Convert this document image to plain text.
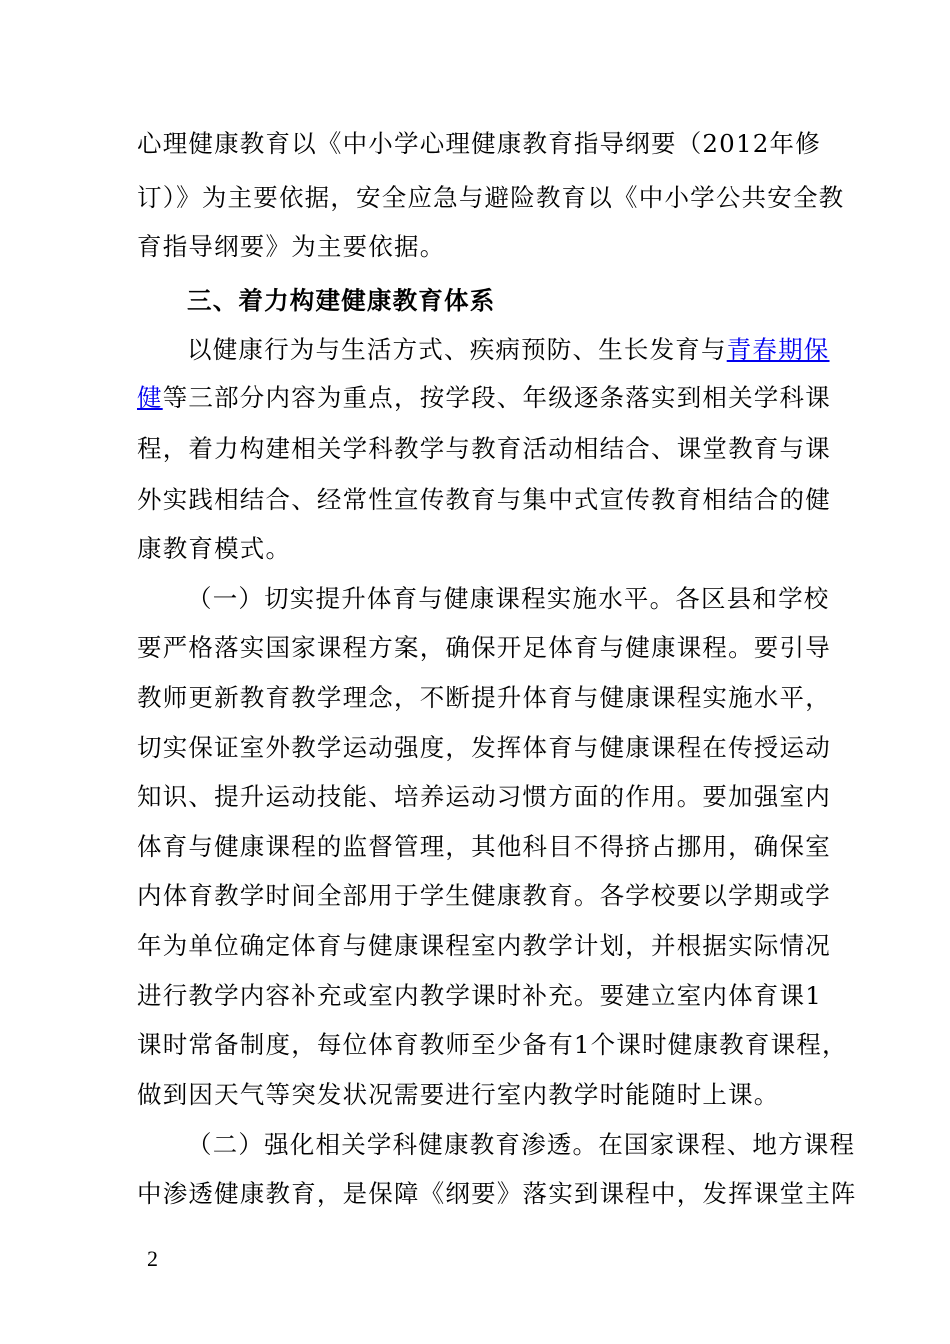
心理健康教育以《中小学心理健康教育指导纲要（2012年修
订）》为主要依据，安全应急与避险教育以《中小学公共安全教
育指导纲要》为主要依据。
三、着力构建健康教育体系
以健康行为与生活方式、疾病预防、生长发育与青春期保
健等三部分内容为重点，按学段、年级逐条落实到相关学科课
程，着力构建相关学科教学与教育活动相结合、课堂教育与课
外实践相结合、经常性宣传教育与集中式宣传教育相结合的健
康教育模式。
（一）切实提升体育与健康课程实施水平。各区县和学校
要严格落实国家课程方案，确保开足体育与健康课程。要引导
教师更新教育教学理念，不断提升体育与健康课程实施水平，
切实保证室外教学运动强度，发挥体育与健康课程在传授运动
知识、提升运动技能、培养运动习惯方面的作用。要加强室内
体育与健康课程的监督管理，其他科目不得挤占挪用，确保室
内体育教学时间全部用于学生健康教育。各学校要以学期或学
年为单位确定体育与健康课程室内教学计划，并根据实际情况
进行教学内容补充或室内教学课时补充。要建立室内体育课1
课时常备制度，每位体育教师至少备有1个课时健康教育课程，
做到因天气等突发状况需要进行室内教学时能随时上课。
（二）强化相关学科健康教育渗透。在国家课程、地方课程
中渗透健康教育，是保障《纲要》落实到课程中，发挥课堂主阵
2
